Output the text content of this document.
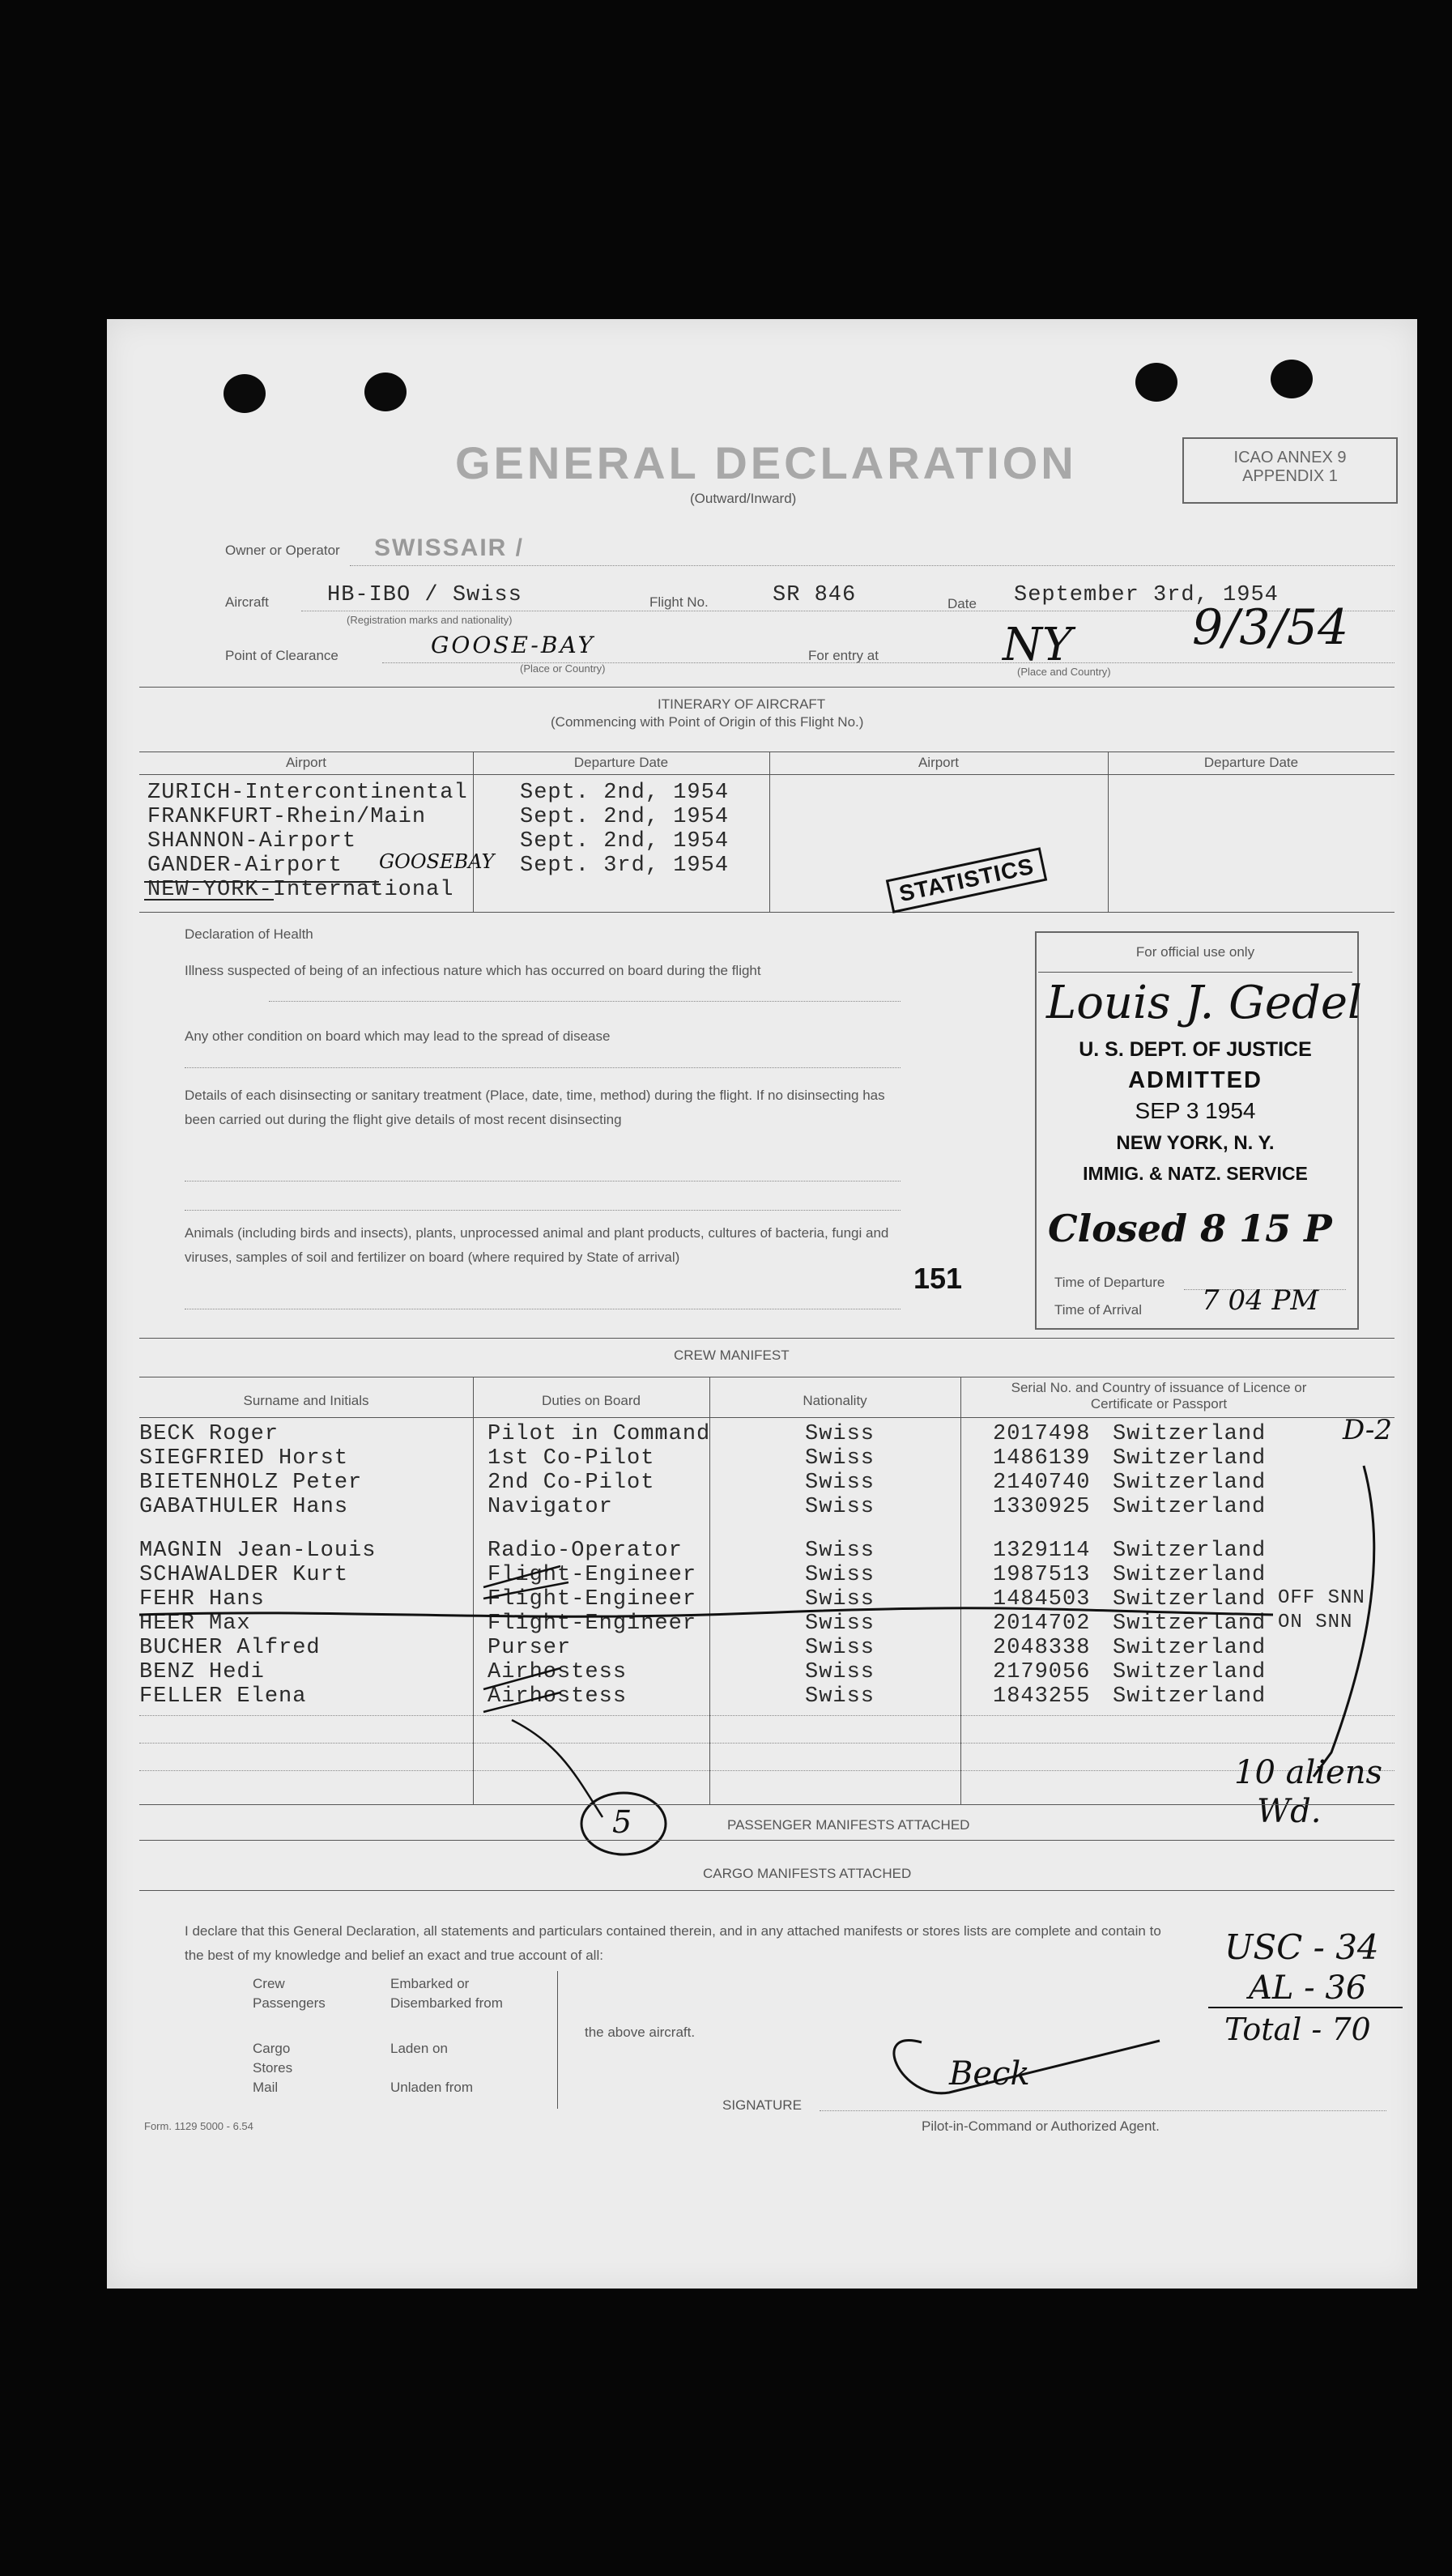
GENERAL DECLARATION
(Outward/Inward)
ICAO ANNEX 9
APPENDIX 1
Owner or Operator SWISSAIR /
Aircraft	HB-IBO / Swiss
(Registration marks and nationality)
Flight No.	SR 846	Date September 3rd, 1954
Point of Clearance	GOOSE-BAY
(Place or Country)
For entry at	NY 9/3/54
(Place and Country)
ITINERARY OF AIRCRAFT
(Commencing with Point of Origin of this Flight No.)
Airport	Departure Date	Airport	Departure Date
ZURICH-Intercontinental Sept. 2nd, 1954
FRANKFURT-Rhein/Main	Sept. 2nd, 1954
SHANNON-Airport	Sept. 2nd, 1954
GANDER-Airport GOOSEBAY Sept. 3rd, 1954
NEW-YORK-International	STATISTICS
Declaration of Health
Illness suspected of being of an infectious nature which has occurred on board during the flight
Any other condition on board which may lead to the spread of disease
Details of each disinsecting or sanitary treatment (Place, date, time, method) during the flight. If no disinsecting has been carried out during the flight give details of most recent disinsecting
Animals (including birds and insects), plants, unprocessed animal and plant products, cultures of bacteria, fungi and viruses, samples of soil and fertilizer on board (where required by State of arrival)
151
For official use only
Louis J. Gedel
U. S. DEPT. OF JUSTICE
ADMITTED
SEP 3 1954
NEW YORK, N. Y.
IMMIG. & NATZ. SERVICE
Closed 8 15 P
Time of Departure
Time of Arrival 7 04 PM
CREW MANIFEST
Surname and Initials	Duties on Board	Nationality
Serial No. and Country of issuance of Licence or Certificate or Passport
BECK Roger	Pilot in Command	Swiss	2017498 Switzerland	D-2
SIEGFRIED Horst	1st Co-Pilot	Swiss	1486139 Switzerland
BIETENHOLZ Peter	2nd Co-Pilot	Swiss	2140740 Switzerland
GABATHULER Hans	Navigator	Swiss	1330925 Switzerland
MAGNIN Jean-Louis	Radio-Operator	Swiss	1329114 Switzerland
SCHAWALDER Kurt	Flight-Engineer	Swiss	1987513 Switzerland
FEHR Hans	Flight-Engineer	Swiss	1484503 Switzerland OFF SNN
HEER Max	Flight-Engineer	Swiss	2014702 Switzerland ON SNN
BUCHER Alfred	Purser	Swiss	2048338 Switzerland
BENZ Hedi	Airhostess	Swiss	2179056 Switzerland
FELLER Elena	Airhostess	Swiss	1843255 Switzerland
5
10 aliens
Wd.
PASSENGER MANIFESTS ATTACHED
CARGO MANIFESTS ATTACHED
I declare that this General Declaration, all statements and particulars contained therein, and in any attached manifests or stores lists are complete and contain to the best of my knowledge and belief an exact and true account of all:
Crew
Passengers
Embarked or
Disembarked from
Cargo
Stores
Mail
Laden on
Unladen from
the above aircraft.
USC - 34
AL - 36
Total - 70
Beck
SIGNATURE
Pilot-in-Command or Authorized Agent.
Form. 1129 5000 - 6.54
